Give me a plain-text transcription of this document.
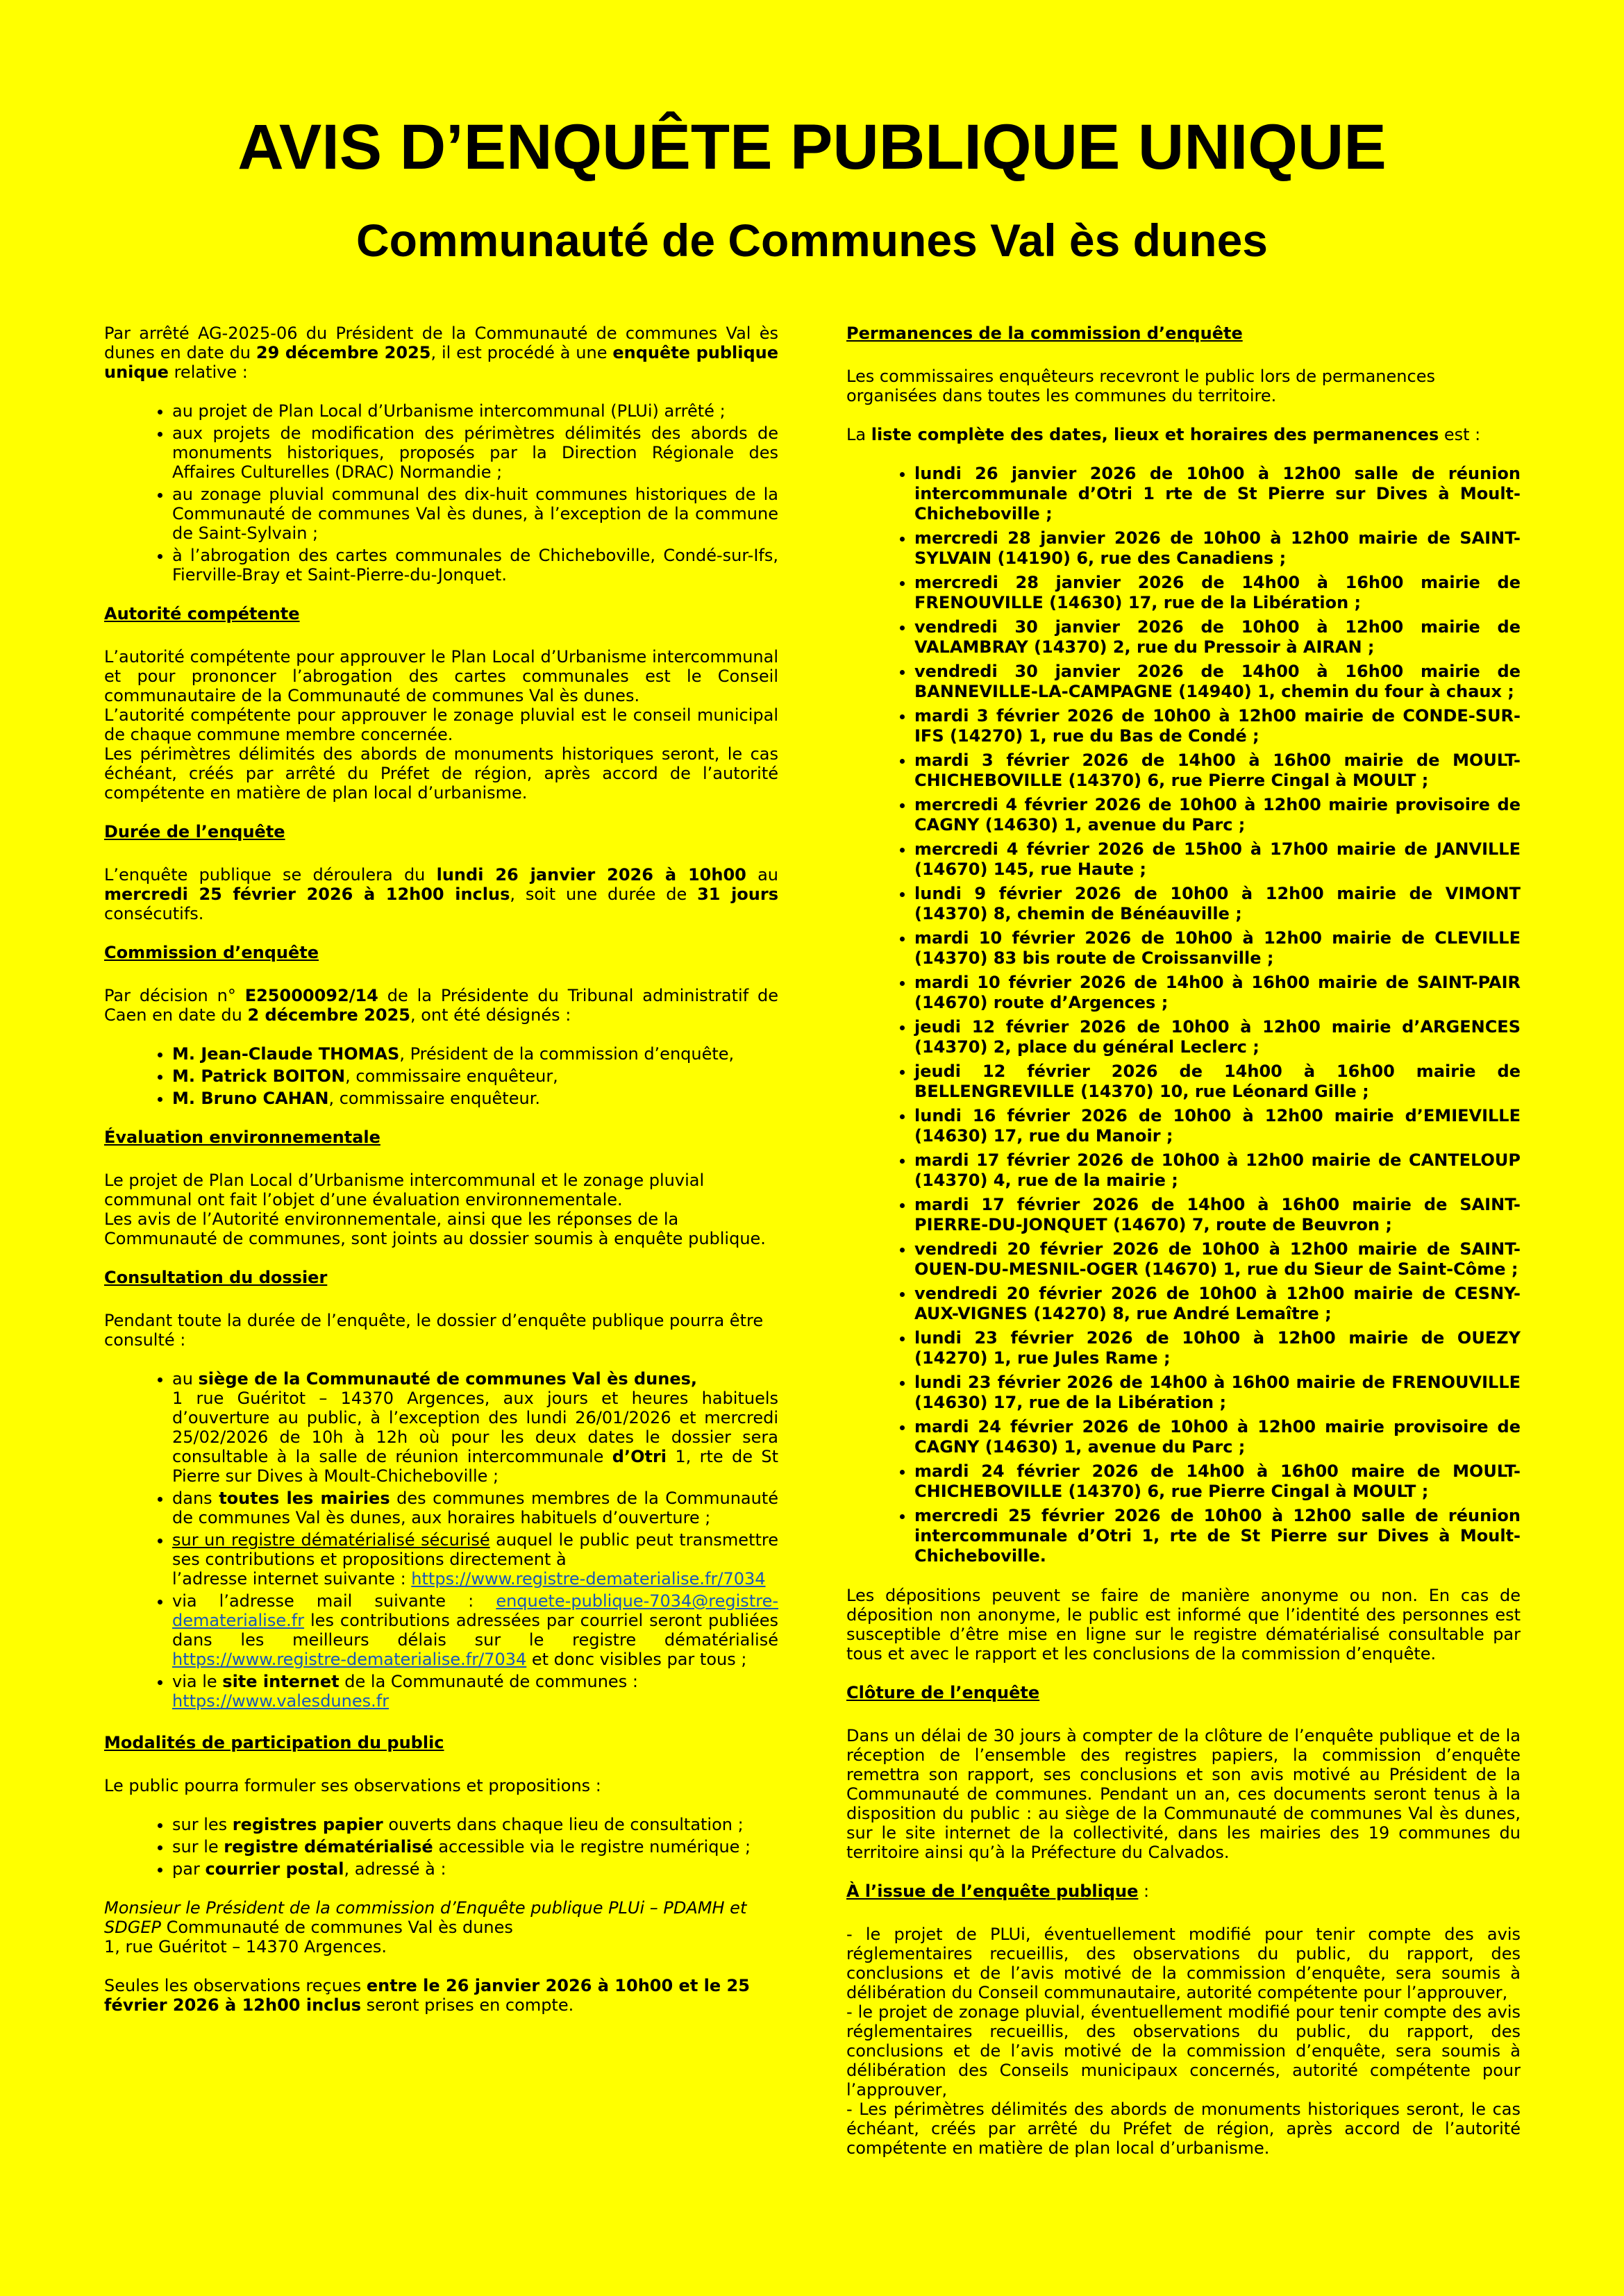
AVIS D’ENQUÊTE PUBLIQUE UNIQUE
Communauté de Communes Val ès dunes

Par arrêté AG-2025-06 du Président de la Communauté de communes Val ès dunes en date du 29 décembre 2025, il est procédé à une enquête publique unique relative :

• au projet de Plan Local d’Urbanisme intercommunal (PLUi) arrêté ;
• aux projets de modification des périmètres délimités des abords de monuments historiques, proposés par la Direction Régionale des Affaires Culturelles (DRAC) Normandie ;
• au zonage pluvial communal des dix-huit communes historiques de la Communauté de communes Val ès dunes, à l’exception de la commune de Saint-Sylvain ;
• à l’abrogation des cartes communales de Chicheboville, Condé-sur-Ifs, Fierville-Bray et Saint-Pierre-du-Jonquet.
Autorité compétente

L’autorité compétente pour approuver le Plan Local d’Urbanisme intercommunal et pour prononcer l’abrogation des cartes communales est le Conseil communautaire de la Communauté de communes Val ès dunes.
L’autorité compétente pour approuver le zonage pluvial est le conseil municipal de chaque commune membre concernée.
Les périmètres délimités des abords de monuments historiques seront, le cas échéant, créés par arrêté du Préfet de région, après accord de l’autorité compétente en matière de plan local d’urbanisme.

Durée de l’enquête

L’enquête publique se déroulera du lundi 26 janvier 2026 à 10h00 au mercredi 25 février 2026 à 12h00 inclus, soit une durée de 31 jours consécutifs.

Commission d’enquête

Par décision n° E25000092/14 de la Présidente du Tribunal administratif de Caen en date du 2 décembre 2025, ont été désignés :

• M. Jean-Claude THOMAS, Président de la commission d’enquête,
• M. Patrick BOITON, commissaire enquêteur,
• M. Bruno CAHAN, commissaire enquêteur.
Évaluation environnementale

Le projet de Plan Local d’Urbanisme intercommunal et le zonage pluvial communal ont fait l’objet d’une évaluation environnementale.
Les avis de l’Autorité environnementale, ainsi que les réponses de la Communauté de communes, sont joints au dossier soumis à enquête publique.

Consultation du dossier

Pendant toute la durée de l’enquête, le dossier d’enquête publique pourra être consulté :

• au siège de la Communauté de communes Val ès dunes,
1 rue Guéritot – 14370 Argences, aux jours et heures habituels d’ouverture au public, à l’exception des lundi 26/01/2026 et mercredi 25/02/2026 de 10h à 12h où pour les deux dates le dossier sera consultable à la salle de réunion intercommunale d’Otri 1, rte de St Pierre sur Dives à Moult-Chicheboville ;
• dans toutes les mairies des communes membres de la Communauté de communes Val ès dunes, aux horaires habituels d’ouverture ;
• sur un registre dématérialisé sécurisé auquel le public peut transmettre ses contributions et propositions directement à
l’adresse internet suivante : https://www.registre-dematerialise.fr/7034
• via l’adresse mail suivante : enquete-publique-7034@registre-dematerialise.fr les contributions adressées par courriel seront publiées dans les meilleurs délais sur le registre dématérialisé https://www.registre-dematerialise.fr/7034 et donc visibles par tous ;
• via le site internet de la Communauté de communes :
https://www.valesdunes.fr
Modalités de participation du public

Le public pourra formuler ses observations et propositions :

• sur les registres papier ouverts dans chaque lieu de consultation ;
• sur le registre dématérialisé accessible via le registre numérique ;
• par courrier postal, adressé à :

Monsieur le Président de la commission d’Enquête publique PLUi – PDAMH et SDGEP Communauté de communes Val ès dunes
1, rue Guéritot – 14370 Argences.

Seules les observations reçues entre le 26 janvier 2026 à 10h00 et le 25 février 2026 à 12h00 inclus seront prises en compte.

Permanences de la commission d’enquête

Les commissaires enquêteurs recevront le public lors de permanences organisées dans toutes les communes du territoire.

La liste complète des dates, lieux et horaires des permanences est :

• lundi 26 janvier 2026 de 10h00 à 12h00 salle de réunion intercommunale d’Otri 1 rte de St Pierre sur Dives à Moult-Chicheboville ;
• mercredi 28 janvier 2026 de 10h00 à 12h00 mairie de SAINT-SYLVAIN (14190) 6, rue des Canadiens ;
• mercredi 28 janvier 2026 de 14h00 à 16h00 mairie de FRENOUVILLE (14630) 17, rue de la Libération ;
• vendredi 30 janvier 2026 de 10h00 à 12h00 mairie de VALAMBRAY (14370) 2, rue du Pressoir à AIRAN ;
• vendredi 30 janvier 2026 de 14h00 à 16h00 mairie de BANNEVILLE-LA-CAMPAGNE (14940) 1, chemin du four à chaux ;
• mardi 3 février 2026 de 10h00 à 12h00 mairie de CONDE-SUR-IFS (14270) 1, rue du Bas de Condé ;
• mardi 3 février 2026 de 14h00 à 16h00 mairie de MOULT-CHICHEBOVILLE (14370) 6, rue Pierre Cingal à MOULT ;
• mercredi 4 février 2026 de 10h00 à 12h00 mairie provisoire de CAGNY (14630) 1, avenue du Parc ;
• mercredi 4 février 2026 de 15h00 à 17h00 mairie de JANVILLE (14670) 145, rue Haute ;
• lundi 9 février 2026 de 10h00 à 12h00 mairie de VIMONT (14370) 8, chemin de Bénéauville ;
• mardi 10 février 2026 de 10h00 à 12h00 mairie de CLEVILLE (14370) 83 bis route de Croissanville ;
• mardi 10 février 2026 de 14h00 à 16h00 mairie de SAINT-PAIR (14670) route d’Argences ;
• jeudi 12 février 2026 de 10h00 à 12h00 mairie d’ARGENCES (14370) 2, place du général Leclerc ;
• jeudi 12 février 2026 de 14h00 à 16h00 mairie de BELLENGREVILLE (14370) 10, rue Léonard Gille ;
• lundi 16 février 2026 de 10h00 à 12h00 mairie d’EMIEVILLE (14630) 17, rue du Manoir ;
• mardi 17 février 2026 de 10h00 à 12h00 mairie de CANTELOUP (14370) 4, rue de la mairie ;
• mardi 17 février 2026 de 14h00 à 16h00 mairie de SAINT-PIERRE-DU-JONQUET (14670) 7, route de Beuvron ;
• vendredi 20 février 2026 de 10h00 à 12h00 mairie de SAINT-OUEN-DU-MESNIL-OGER (14670) 1, rue du Sieur de Saint-Côme ;
• vendredi 20 février 2026 de 10h00 à 12h00 mairie de CESNY-AUX-VIGNES (14270) 8, rue André Lemaître ;
• lundi 23 février 2026 de 10h00 à 12h00 mairie de OUEZY (14270) 1, rue Jules Rame ;
• lundi 23 février 2026 de 14h00 à 16h00 mairie de FRENOUVILLE (14630) 17, rue de la Libération ;
• mardi 24 février 2026 de 10h00 à 12h00 mairie provisoire de CAGNY (14630) 1, avenue du Parc ;
• mardi 24 février 2026 de 14h00 à 16h00 maire de MOULT-CHICHEBOVILLE (14370) 6, rue Pierre Cingal à MOULT ;
• mercredi 25 février 2026 de 10h00 à 12h00 salle de réunion intercommunale d’Otri 1, rte de St Pierre sur Dives à Moult-Chicheboville.

Les dépositions peuvent se faire de manière anonyme ou non. En cas de déposition non anonyme, le public est informé que l’identité des personnes est susceptible d’être mise en ligne sur le registre dématérialisé consultable par tous et avec le rapport et les conclusions de la commission d’enquête.

Clôture de l’enquête

Dans un délai de 30 jours à compter de la clôture de l’enquête publique et de la réception de l’ensemble des registres papiers, la commission d’enquête remettra son rapport, ses conclusions et son avis motivé au Président de la Communauté de communes. Pendant un an, ces documents seront tenus à la disposition du public : au siège de la Communauté de communes Val ès dunes, sur le site internet de la collectivité, dans les mairies des 19 communes du territoire ainsi qu’à la Préfecture du Calvados.

À l’issue de l’enquête publique :

- le projet de PLUi, éventuellement modifié pour tenir compte des avis réglementaires recueillis, des observations du public, du rapport, des conclusions et de l’avis motivé de la commission d’enquête, sera soumis à délibération du Conseil communautaire, autorité compétente pour l’approuver,
- le projet de zonage pluvial, éventuellement modifié pour tenir compte des avis réglementaires recueillis, des observations du public, du rapport, des conclusions et de l’avis motivé de la commission d’enquête, sera soumis à délibération des Conseils municipaux concernés, autorité compétente pour l’approuver,
- Les périmètres délimités des abords de monuments historiques seront, le cas échéant, créés par arrêté du Préfet de région, après accord de l’autorité compétente en matière de plan local d’urbanisme.
